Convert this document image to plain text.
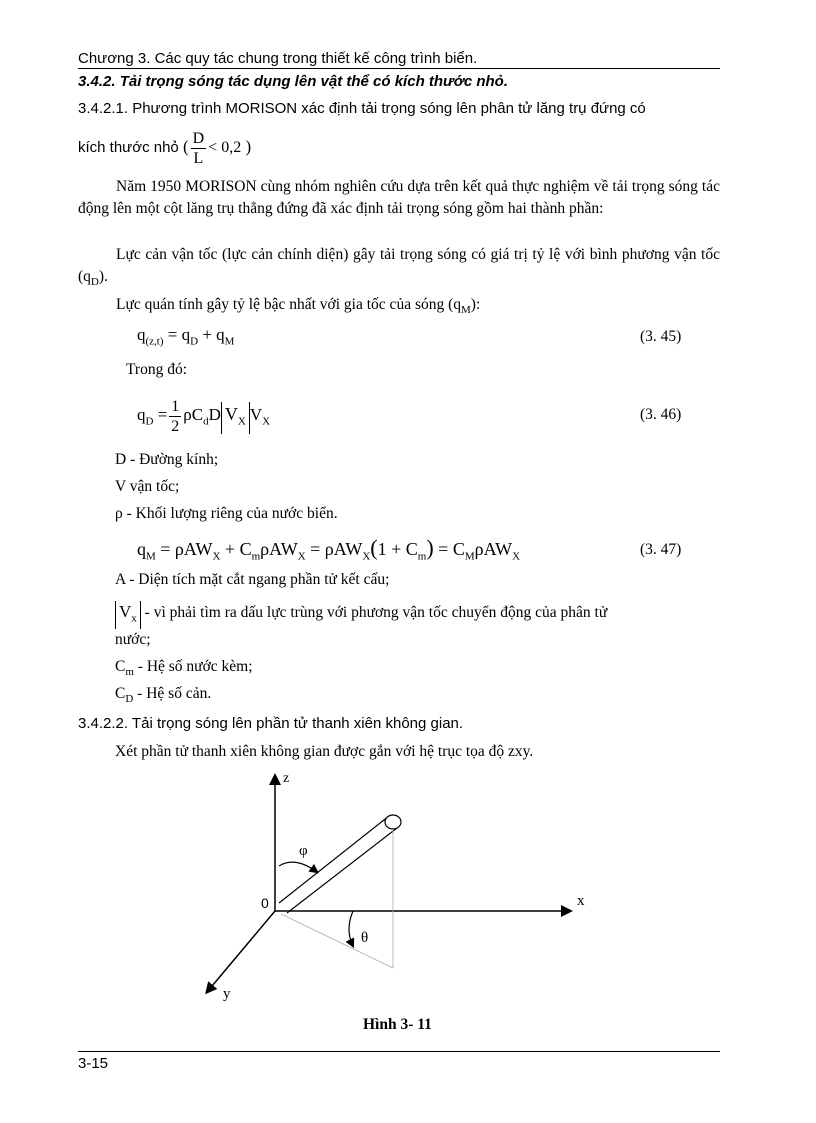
Chương 3. Các quy tác chung trong thiết kế công trình biển.
3.4.2. Tải trọng sóng tác dụng lên vật thể có kích thước nhỏ.
3.4.2.1. Phương trình MORISON xác định tải trọng sóng lên phân tử lăng trụ đứng có
kích thước nhỏ ( $\frac{D}{L} < 0,2$ )
Năm 1950 MORISON cùng nhóm nghiên cứu dựa trên kết quả thực nghiệm về tải trọng sóng tác động lên một cột lăng trụ thẳng đứng đã xác định tải trọng sóng gồm hai thành phần:
Lực cản vận tốc (lực cản chính diện) gây tải trọng sóng có giá trị tỷ lệ với bình phương vận tốc $(q_D)$.
Lực quán tính gây tỷ lệ bậc nhất với gia tốc của sóng $(q_M)$:
$q_{(z,t)} = q_D + q_M$	(3. 45)
Trong đó:
$q_D = \frac{1}{2} \rho C_dD$ $V_X$ $V_X$	(3. 46)
D - Đường kính;
V vận tốc;
ρ - Khối lượng riêng của nước biển.
$q_M = \rho AW_X + C_m\rho AW_X = \rho AW_X(1 + C_m) = C_M\rho AW_X$	(3. 47)
A - Diện tích mặt cắt ngang phần tử kết cấu;
$V_x$ - vì phải tìm ra dấu lực trùng với phương vận tốc chuyển động của phân tử
nước;
$C_m$ - Hệ số nước kèm;
$C_D$ - Hệ số cản.
3.4.2.2. Tải trọng sóng lên phần tử thanh xiên không gian.
Xét phần tử thanh xiên không gian được gắn với hệ trục tọa độ zxy.
z
x
y
0
φ
θ
Hình 3- 11
3-15
